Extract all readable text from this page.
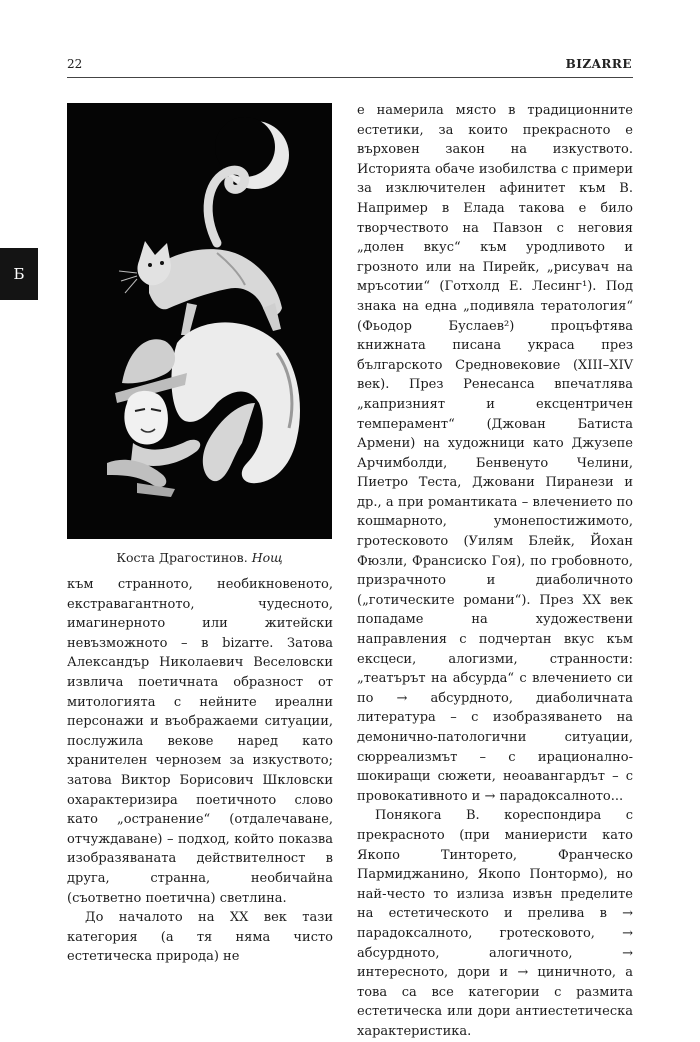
22	BIZARRE
Б
Коста Драгостинов. Нощ

към странното, необикновеното, екстравагантното, чудесното, имагинерното или житейски невъзможното – в bizarre. Затова Александър Николаевич Веселовски извлича поетичната образност от митологията с нейните ирeални персонажи и въображаеми ситуации, послужила векове наред като хранителен чернозем за изкуството; затова Виктор Борисович Шкловски охарактеризира поетичното слово като „остранение“ (отдалечаване, отчуждаване) – подход, който показва изобразяваната действителност в друга, странна, необичайна (съответно поетична) светлина.

До началото на XX век тази категория (а тя няма чисто естетическа природа) не

е намерила място в традиционните естетики, за които прекрасното е върховен закон на изкуството. Историята обаче изобилства с примери за изключителен афинитет към B. Например в Елада такова е било творчеството на Павзон с неговия „долен вкус“ към уродливото и грозното или на Пирейк, „рисувач на мръсотии“ (Готхолд Е. Лесинг¹). Под знака на една „подивяла тератология“ (Фьодор Буслаев²) процъфтява книжната писана украса през българското Средновековие (XIII–XIV век). През Ренесанса впечатлява „капризният и ексцентричен темперамент“ (Джован Батиста Армени) на художници като Джузепе Арчимболди, Бенвенуто Челини, Пиетро Теста, Джовани Пиранези и др., а при романтиката – влечението по кошмарното, умонепостижимото, гротесковото (Уилям Блейк, Йохан Фюзли, Франсиско Гоя), по гробовното, призрачното и диаболичното („готическите романи“). През XX век попадаме на художествени направления с подчертан вкус към ексцеси, алогизми, странности: „театърът на абсурда“ с влечението си по → абсурдното, диаболичната литература – с изобразяването на демонично-патологични ситуации, сюрреализмът – с ирационално-шокиращи сюжети, неоавангардът – с провокативното и → парадоксалното...

Понякога B. кореспондира с прекрасното (при маниеристи като Якопо Тинторето, Франческо Пармиджанино, Якопо Понтормо), но най-често то излиза извън пределите на естетическото и прелива в → парадоксалното, гротесковото, → абсурдното, алогичното, → интересното, дори и → циничното, а това са все категории с размита естетическа или дори антиестетическа характеристика.
